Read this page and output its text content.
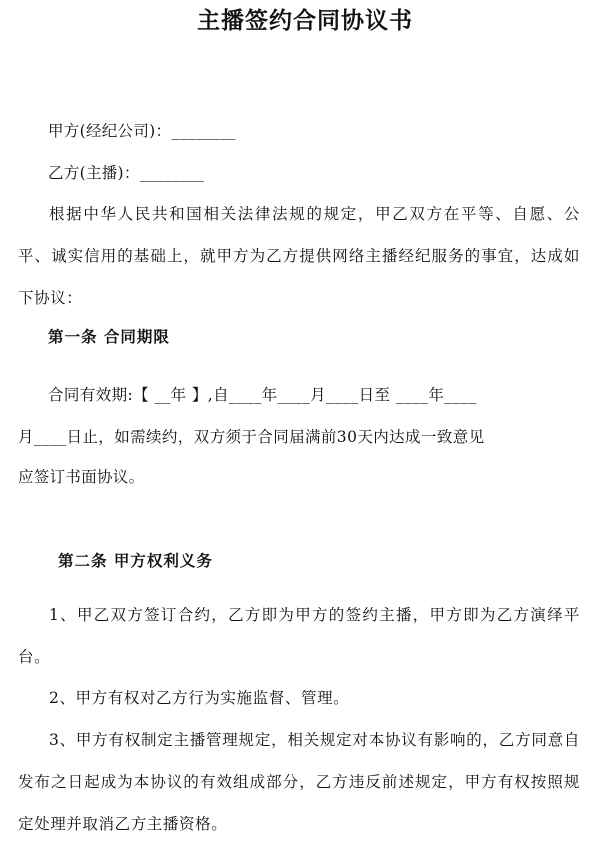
主播签约合同协议书
甲方(经纪公司)：________
乙方(主播)：________
根据中华人民共和国相关法律法规的规定，甲乙双方在平等、自愿、公平、诚实信用的基础上，就甲方为乙方提供网络主播经纪服务的事宜，达成如下协议：
第一条 合同期限
合同有效期:【 __年 】,自____年____月____日至 ____年____
月____日止，如需续约，双方须于合同届满前30天内达成一致意见
应签订书面协议。
第二条 甲方权利义务
1、甲乙双方签订合约，乙方即为甲方的签约主播，甲方即为乙方演绎平台。
2、甲方有权对乙方行为实施监督、管理。
3、甲方有权制定主播管理规定，相关规定对本协议有影响的，乙方同意自发布之日起成为本协议的有效组成部分，乙方违反前述规定，甲方有权按照规定处理并取消乙方主播资格。
